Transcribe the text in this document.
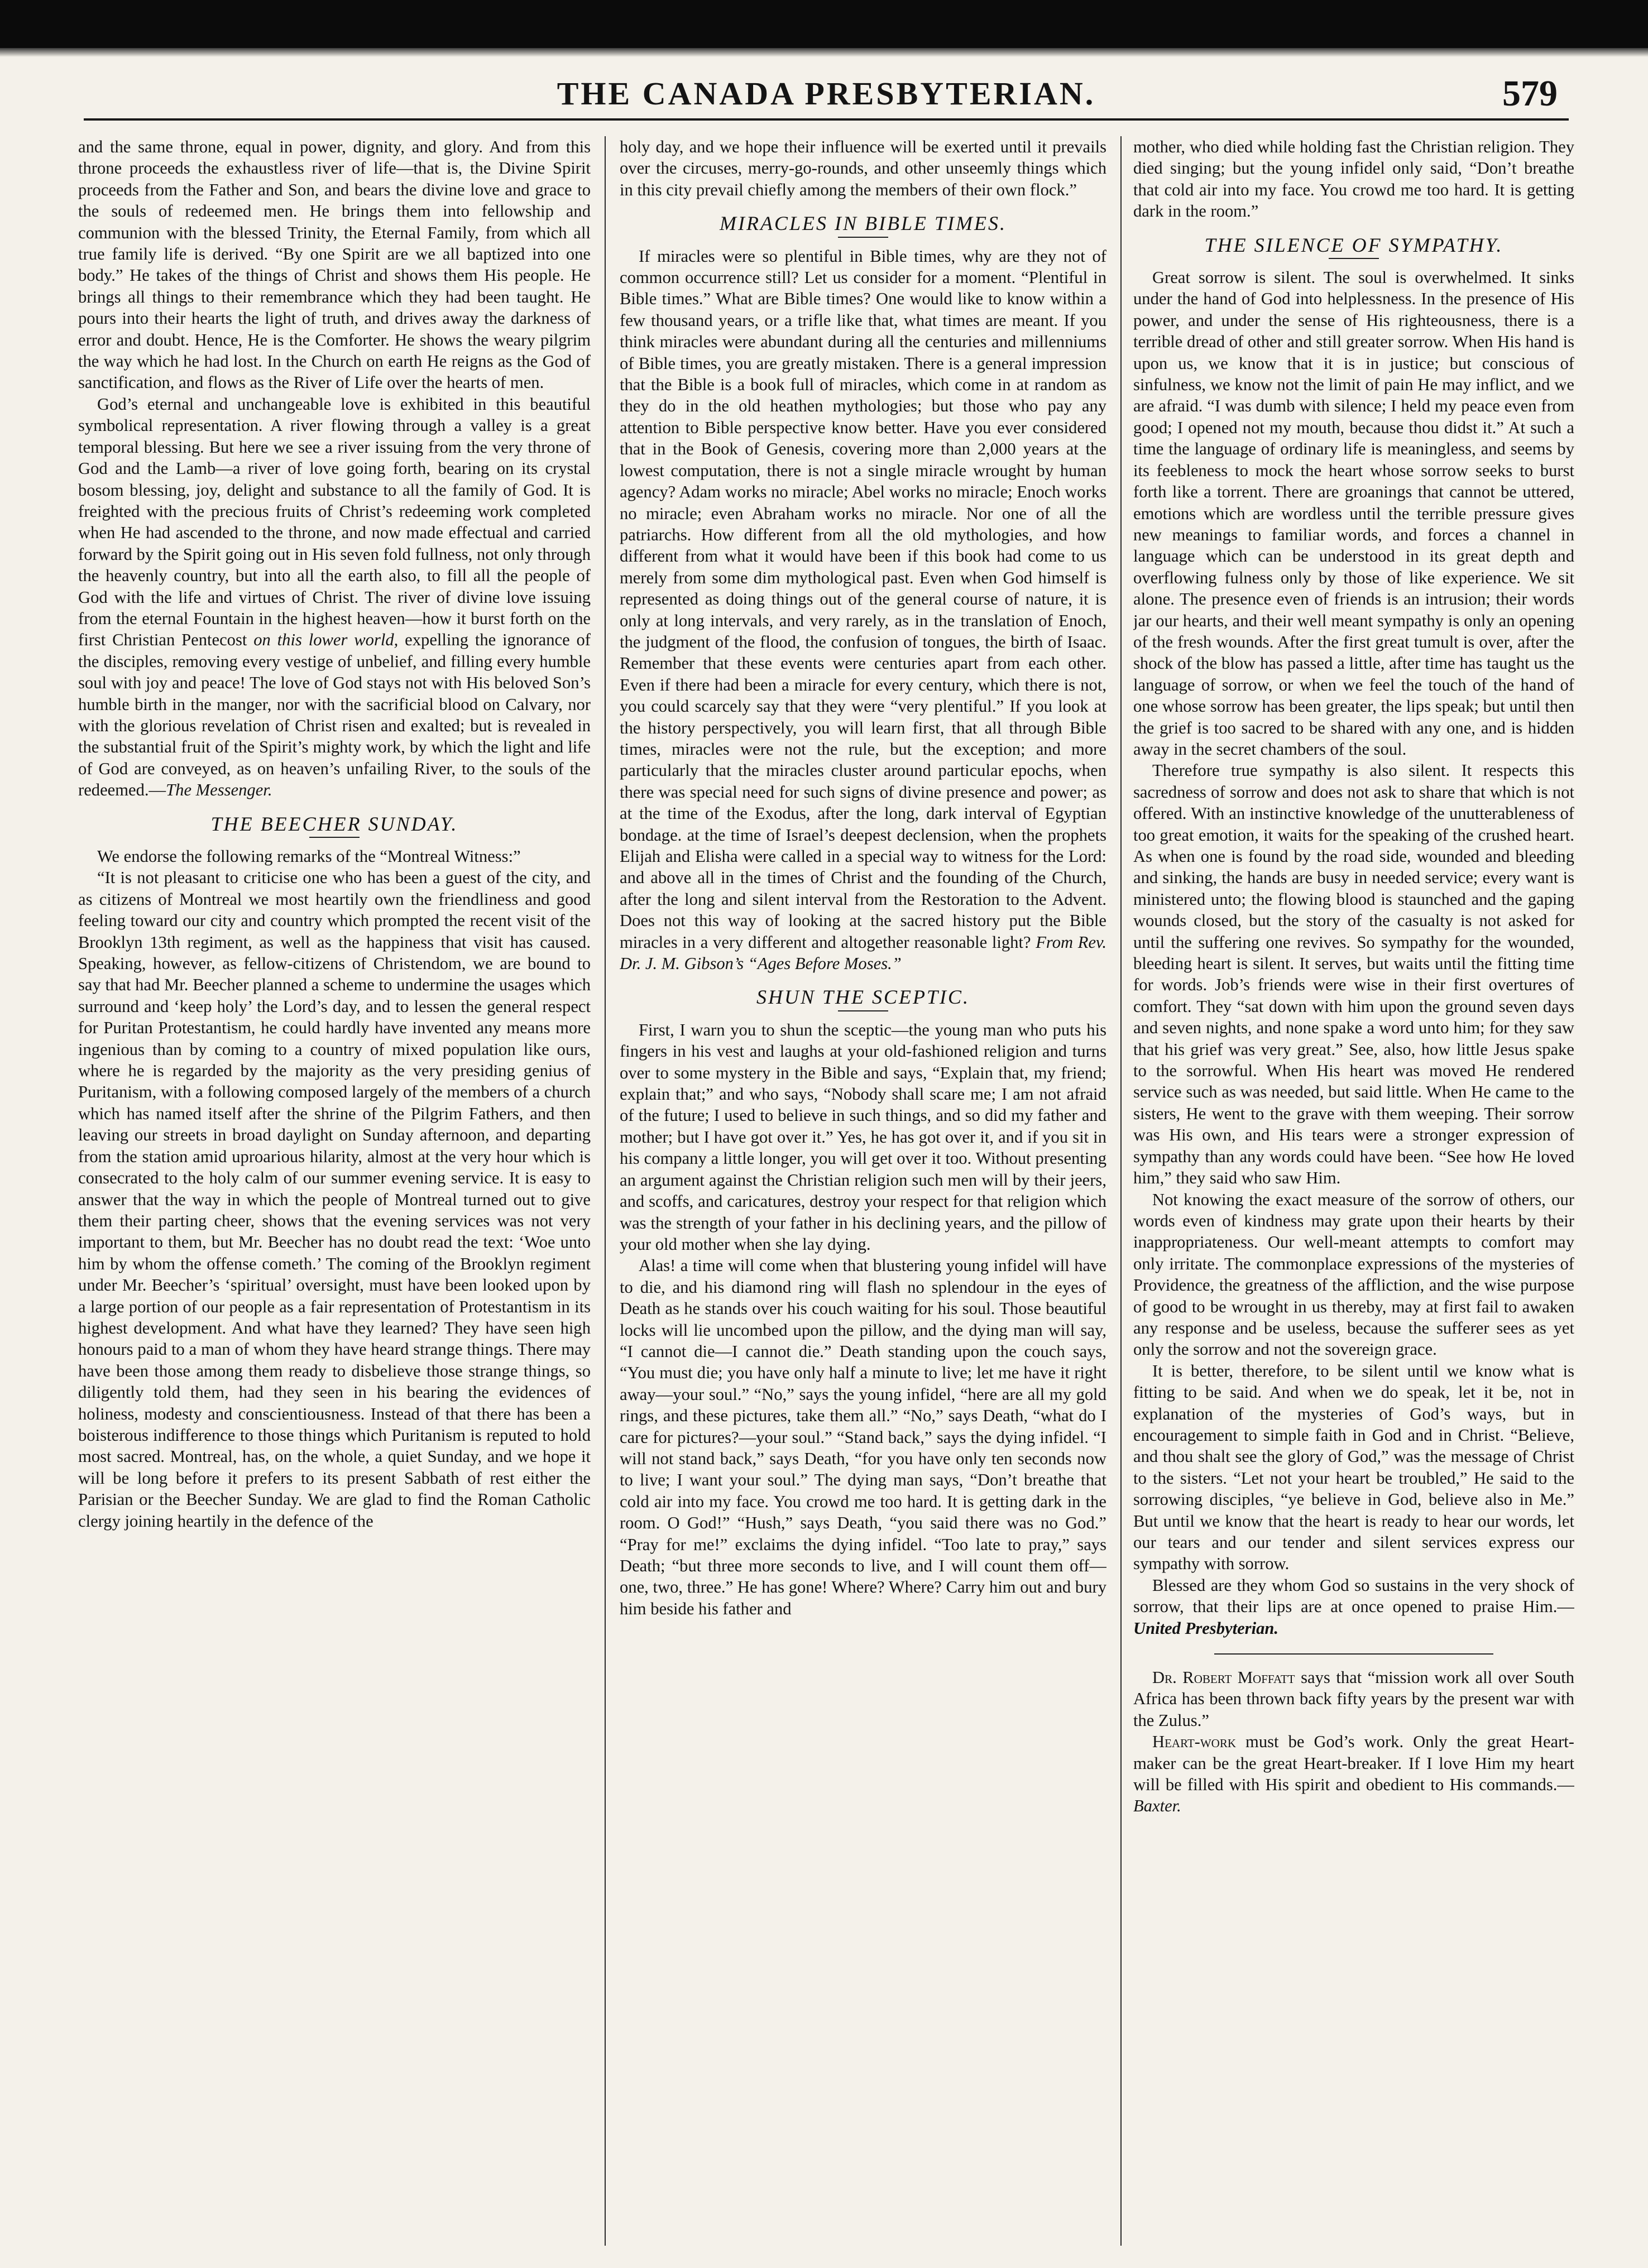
THE CANADA PRESBYTERIAN.	579

and the same throne, equal in power, dignity, and glory. And from this throne proceeds the exhaustless river of life—that is, the Divine Spirit proceeds from the Father and Son, and bears the divine love and grace to the souls of redeemed men. He brings them into fellowship and communion with the blessed Trinity, the Eternal Family, from which all true family life is derived. “By one Spirit are we all baptized into one body.” He takes of the things of Christ and shows them His people. He brings all things to their remembrance which they had been taught. He pours into their hearts the light of truth, and drives away the darkness of error and doubt. Hence, He is the Comforter. He shows the weary pilgrim the way which he had lost. In the Church on earth He reigns as the God of sanctification, and flows as the River of Life over the hearts of men.

God’s eternal and unchangeable love is exhibited in this beautiful symbolical representation. A river flowing through a valley is a great temporal blessing. But here we see a river issuing from the very throne of God and the Lamb—a river of love going forth, bearing on its crystal bosom blessing, joy, delight and substance to all the family of God. It is freighted with the precious fruits of Christ’s redeeming work completed when He had ascended to the throne, and now made effectual and carried forward by the Spirit going out in His seven fold fullness, not only through the heavenly country, but into all the earth also, to fill all the people of God with the life and virtues of Christ. The river of divine love issuing from the eternal Fountain in the highest heaven—how it burst forth on the first Christian Pentecost on this lower world, expelling the ignorance of the disciples, removing every vestige of unbelief, and filling every humble soul with joy and peace! The love of God stays not with His beloved Son’s humble birth in the manger, nor with the sacrificial blood on Calvary, nor with the glorious revelation of Christ risen and exalted; but is revealed in the substantial fruit of the Spirit’s mighty work, by which the light and life of God are conveyed, as on heaven’s unfailing River, to the souls of the redeemed.—The Messenger.

THE BEECHER SUNDAY.

We endorse the following remarks of the “Montreal Witness:”

“It is not pleasant to criticise one who has been a guest of the city, and as citizens of Montreal we most heartily own the friendliness and good feeling toward our city and country which prompted the recent visit of the Brooklyn 13th regiment, as well as the happiness that visit has caused. Speaking, however, as fellow-citizens of Christendom, we are bound to say that had Mr. Beecher planned a scheme to undermine the usages which surround and ‘keep holy’ the Lord’s day, and to lessen the general respect for Puritan Protestantism, he could hardly have invented any means more ingenious than by coming to a country of mixed population like ours, where he is regarded by the majority as the very presiding genius of Puritanism, with a following composed largely of the members of a church which has named itself after the shrine of the Pilgrim Fathers, and then leaving our streets in broad daylight on Sunday afternoon, and departing from the station amid uproarious hilarity, almost at the very hour which is consecrated to the holy calm of our summer evening service. It is easy to answer that the way in which the people of Montreal turned out to give them their parting cheer, shows that the evening services was not very important to them, but Mr. Beecher has no doubt read the text: ‘Woe unto him by whom the offense cometh.’ The coming of the Brooklyn regiment under Mr. Beecher’s ‘spiritual’ oversight, must have been looked upon by a large portion of our people as a fair representation of Protestantism in its highest development. And what have they learned? They have seen high honours paid to a man of whom they have heard strange things. There may have been those among them ready to disbelieve those strange things, so diligently told them, had they seen in his bearing the evidences of holiness, modesty and conscientiousness. Instead of that there has been a boisterous indifference to those things which Puritanism is reputed to hold most sacred. Montreal, has, on the whole, a quiet Sunday, and we hope it will be long before it prefers to its present Sabbath of rest either the Parisian or the Beecher Sunday. We are glad to find the Roman Catholic clergy joining heartily in the defence of the

holy day, and we hope their influence will be exerted until it prevails over the circuses, merry-go-rounds, and other unseemly things which in this city prevail chiefly among the members of their own flock.”

MIRACLES IN BIBLE TIMES.

If miracles were so plentiful in Bible times, why are they not of common occurrence still? Let us consider for a moment. “Plentiful in Bible times.” What are Bible times? One would like to know within a few thousand years, or a trifle like that, what times are meant. If you think miracles were abundant during all the centuries and millenniums of Bible times, you are greatly mistaken. There is a general impression that the Bible is a book full of miracles, which come in at random as they do in the old heathen mythologies; but those who pay any attention to Bible perspective know better. Have you ever considered that in the Book of Genesis, covering more than 2,000 years at the lowest computation, there is not a single miracle wrought by human agency? Adam works no miracle; Abel works no miracle; Enoch works no miracle; even Abraham works no miracle. Nor one of all the patriarchs. How different from all the old mythologies, and how different from what it would have been if this book had come to us merely from some dim mythological past. Even when God himself is represented as doing things out of the general course of nature, it is only at long intervals, and very rarely, as in the translation of Enoch, the judgment of the flood, the confusion of tongues, the birth of Isaac. Remember that these events were centuries apart from each other. Even if there had been a miracle for every century, which there is not, you could scarcely say that they were “very plentiful.” If you look at the history perspectively, you will learn first, that all through Bible times, miracles were not the rule, but the exception; and more particularly that the miracles cluster around particular epochs, when there was special need for such signs of divine presence and power; as at the time of the Exodus, after the long, dark interval of Egyptian bondage. at the time of Israel’s deepest declension, when the prophets Elijah and Elisha were called in a special way to witness for the Lord: and above all in the times of Christ and the founding of the Church, after the long and silent interval from the Restoration to the Advent. Does not this way of looking at the sacred history put the Bible miracles in a very different and altogether reasonable light? From Rev. Dr. J. M. Gibson’s “Ages Before Moses.”

SHUN THE SCEPTIC.

First, I warn you to shun the sceptic—the young man who puts his fingers in his vest and laughs at your old-fashioned religion and turns over to some mystery in the Bible and says, “Explain that, my friend; explain that;” and who says, “Nobody shall scare me; I am not afraid of the future; I used to believe in such things, and so did my father and mother; but I have got over it.” Yes, he has got over it, and if you sit in his company a little longer, you will get over it too. Without presenting an argument against the Christian religion such men will by their jeers, and scoffs, and caricatures, destroy your respect for that religion which was the strength of your father in his declining years, and the pillow of your old mother when she lay dying.

Alas! a time will come when that blustering young infidel will have to die, and his diamond ring will flash no splendour in the eyes of Death as he stands over his couch waiting for his soul. Those beautiful locks will lie uncombed upon the pillow, and the dying man will say, “I cannot die—I cannot die.” Death standing upon the couch says, “You must die; you have only half a minute to live; let me have it right away—your soul.” “No,” says the young infidel, “here are all my gold rings, and these pictures, take them all.” “No,” says Death, “what do I care for pictures?—your soul.” “Stand back,” says the dying infidel. “I will not stand back,” says Death, “for you have only ten seconds now to live; I want your soul.” The dying man says, “Don’t breathe that cold air into my face. You crowd me too hard. It is getting dark in the room. O God!” “Hush,” says Death, “you said there was no God.” “Pray for me!” exclaims the dying infidel. “Too late to pray,” says Death; “but three more seconds to live, and I will count them off—one, two, three.” He has gone! Where? Where? Carry him out and bury him beside his father and

mother, who died while holding fast the Christian religion. They died singing; but the young infidel only said, “Don’t breathe that cold air into my face. You crowd me too hard. It is getting dark in the room.”

THE SILENCE OF SYMPATHY.

Great sorrow is silent. The soul is overwhelmed. It sinks under the hand of God into helplessness. In the presence of His power, and under the sense of His righteousness, there is a terrible dread of other and still greater sorrow. When His hand is upon us, we know that it is in justice; but conscious of sinfulness, we know not the limit of pain He may inflict, and we are afraid. “I was dumb with silence; I held my peace even from good; I opened not my mouth, because thou didst it.” At such a time the language of ordinary life is meaningless, and seems by its feebleness to mock the heart whose sorrow seeks to burst forth like a torrent. There are groanings that cannot be uttered, emotions which are wordless until the terrible pressure gives new meanings to familiar words, and forces a channel in language which can be understood in its great depth and overflowing fulness only by those of like experience. We sit alone. The presence even of friends is an intrusion; their words jar our hearts, and their well meant sympathy is only an opening of the fresh wounds. After the first great tumult is over, after the shock of the blow has passed a little, after time has taught us the language of sorrow, or when we feel the touch of the hand of one whose sorrow has been greater, the lips speak; but until then the grief is too sacred to be shared with any one, and is hidden away in the secret chambers of the soul.

Therefore true sympathy is also silent. It respects this sacredness of sorrow and does not ask to share that which is not offered. With an instinctive knowledge of the unutterableness of too great emotion, it waits for the speaking of the crushed heart. As when one is found by the road side, wounded and bleeding and sinking, the hands are busy in needed service; every want is ministered unto; the flowing blood is staunched and the gaping wounds closed, but the story of the casualty is not asked for until the suffering one revives. So sympathy for the wounded, bleeding heart is silent. It serves, but waits until the fitting time for words. Job’s friends were wise in their first overtures of comfort. They “sat down with him upon the ground seven days and seven nights, and none spake a word unto him; for they saw that his grief was very great.” See, also, how little Jesus spake to the sorrowful. When His heart was moved He rendered service such as was needed, but said little. When He came to the sisters, He went to the grave with them weeping. Their sorrow was His own, and His tears were a stronger expression of sympathy than any words could have been. “See how He loved him,” they said who saw Him.

Not knowing the exact measure of the sorrow of others, our words even of kindness may grate upon their hearts by their inappropriateness. Our well-meant attempts to comfort may only irritate. The commonplace expressions of the mysteries of Providence, the greatness of the affliction, and the wise purpose of good to be wrought in us thereby, may at first fail to awaken any response and be useless, because the sufferer sees as yet only the sorrow and not the sovereign grace.

It is better, therefore, to be silent until we know what is fitting to be said. And when we do speak, let it be, not in explanation of the mysteries of God’s ways, but in encouragement to simple faith in God and in Christ. “Believe, and thou shalt see the glory of God,” was the message of Christ to the sisters. “Let not your heart be troubled,” He said to the sorrowing disciples, “ye believe in God, believe also in Me.” But until we know that the heart is ready to hear our words, let our tears and our tender and silent services express our sympathy with sorrow.

Blessed are they whom God so sustains in the very shock of sorrow, that their lips are at once opened to praise Him.—United Presbyterian.

Dr. Robert Moffatt says that “mission work all over South Africa has been thrown back fifty years by the present war with the Zulus.”

Heart-work must be God’s work. Only the great Heart-maker can be the great Heart-breaker. If I love Him my heart will be filled with His spirit and obedient to His commands.—Baxter.
